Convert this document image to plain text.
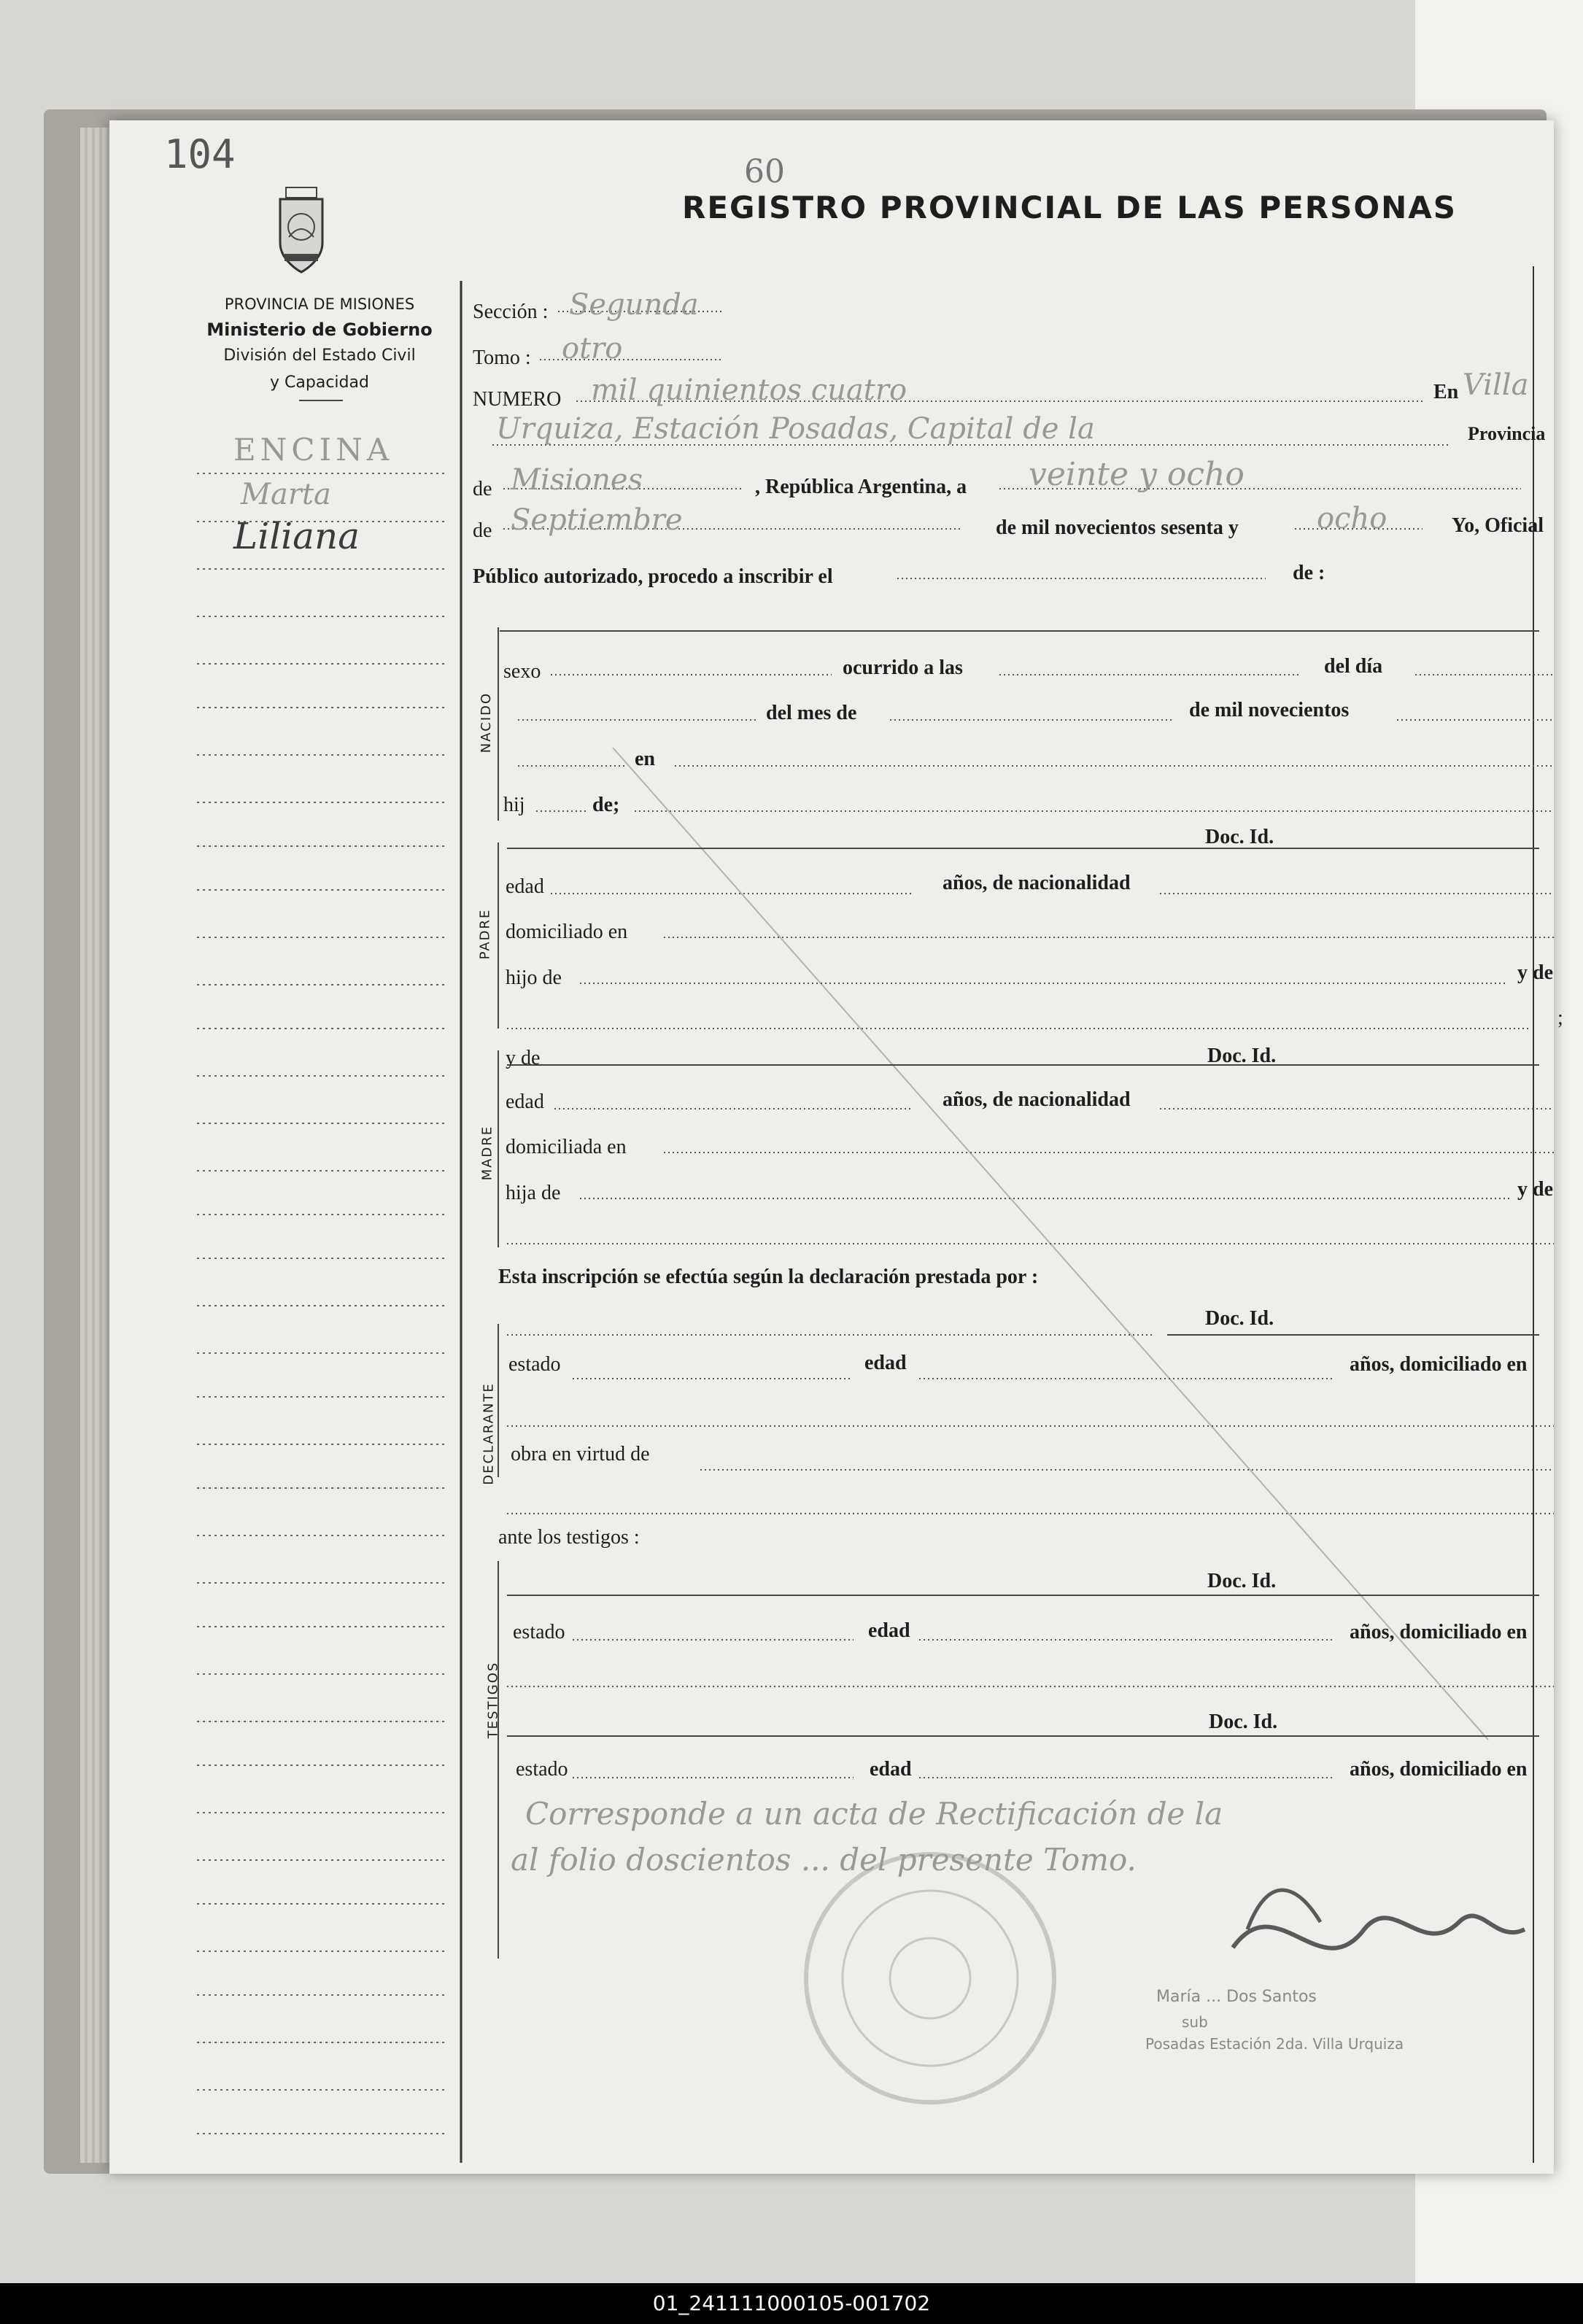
104	60
REGISTRO PROVINCIAL DE LAS PERSONAS
PROVINCIA DE MISIONES
Ministerio de Gobierno
División del Estado Civil
y Capacidad
ENCINA
Marta
Liliana
Sección : Segunda
Tomo : otro
NUMERO mil quinientos cuatro	En Villa
Urquiza, Estación Posadas, Capital de la	Provincia
de Misiones	, República Argentina, a veinte y ocho
de Septiembre	de mil novecientos sesenta y	ocho	Yo, Oficial
Público autorizado, procedo a inscribir el	de :
NACIDO
sexo	ocurrido a las	del día
del mes de	de mil novecientos
en
hij	de;
Doc. Id.
PADRE
edad	años, de nacionalidad
domiciliado en
hijo de	y de
;
y de	Doc. Id.
MADRE
edad	años, de nacionalidad
domiciliada en
hija de	y de
Esta inscripción se efectúa según la declaración prestada por :
Doc. Id.
DECLARANTE
estado	edad	años, domiciliado en
obra en virtud de
ante los testigos :
Doc. Id.
TESTIGOS
estado	edad	años, domiciliado en
Doc. Id.
estado	edad	años, domiciliado en
Corresponde a un acta de Rectificación de la
al folio doscientos ... del presente Tomo.
María ... Dos Santos
sub
Posadas Estación 2da. Villa Urquiza
01_241111000105-001702
